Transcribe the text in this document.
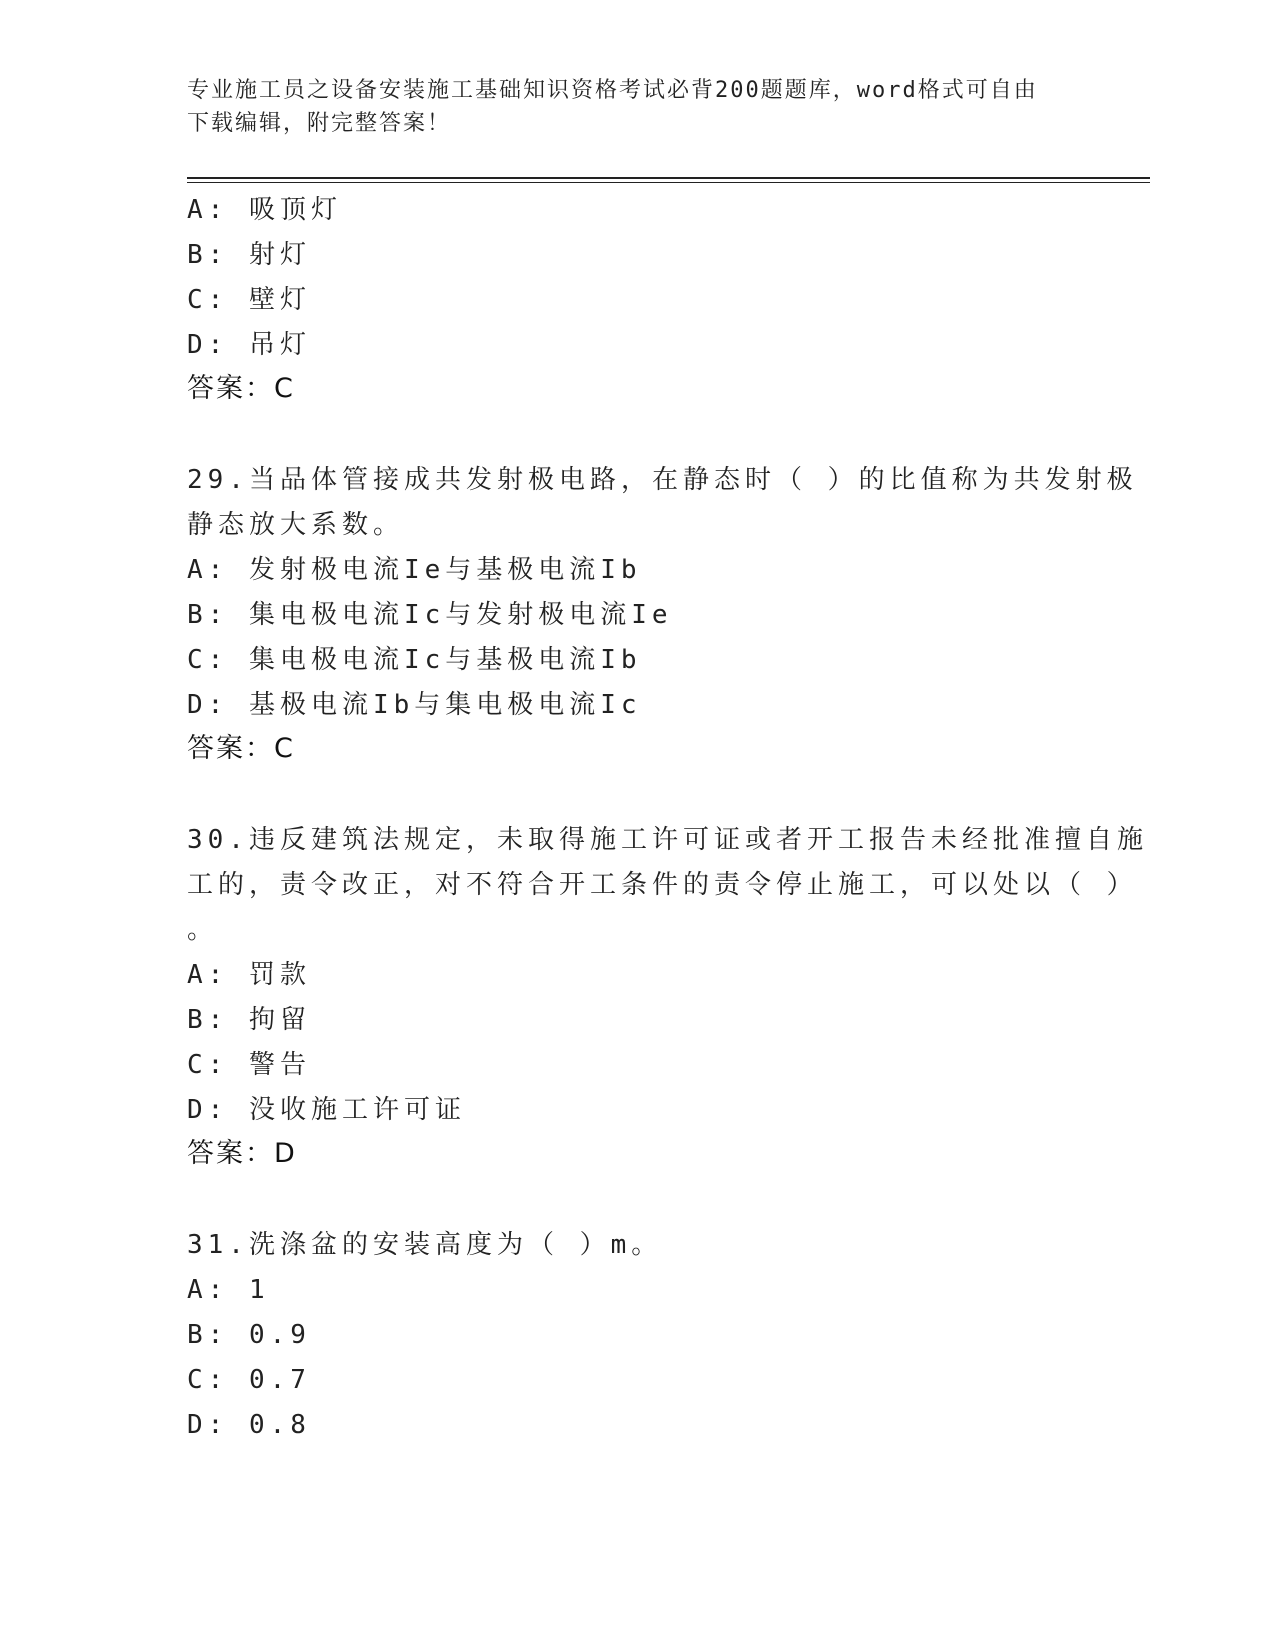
专业施工员之设备安装施工基础知识资格考试必背200题题库，word格式可自由
下载编辑，附完整答案！
A: 吸顶灯
B: 射灯
C: 壁灯
D: 吊灯
答案：C
29.当品体管接成共发射极电路，在静态时（ ）的比值称为共发射极
静态放大系数。
A: 发射极电流Ie与基极电流Ib
B: 集电极电流Ic与发射极电流Ie
C: 集电极电流Ic与基极电流Ib
D: 基极电流Ib与集电极电流Ic
答案：C
30.违反建筑法规定，未取得施工许可证或者开工报告未经批准擅自施
工的，责令改正，对不符合开工条件的责令停止施工，可以处以（ ）
。
A: 罚款
B: 拘留
C: 警告
D: 没收施工许可证
答案：D
31.洗涤盆的安装高度为（ ）m。
A: 1
B: 0.9
C: 0.7
D: 0.8
